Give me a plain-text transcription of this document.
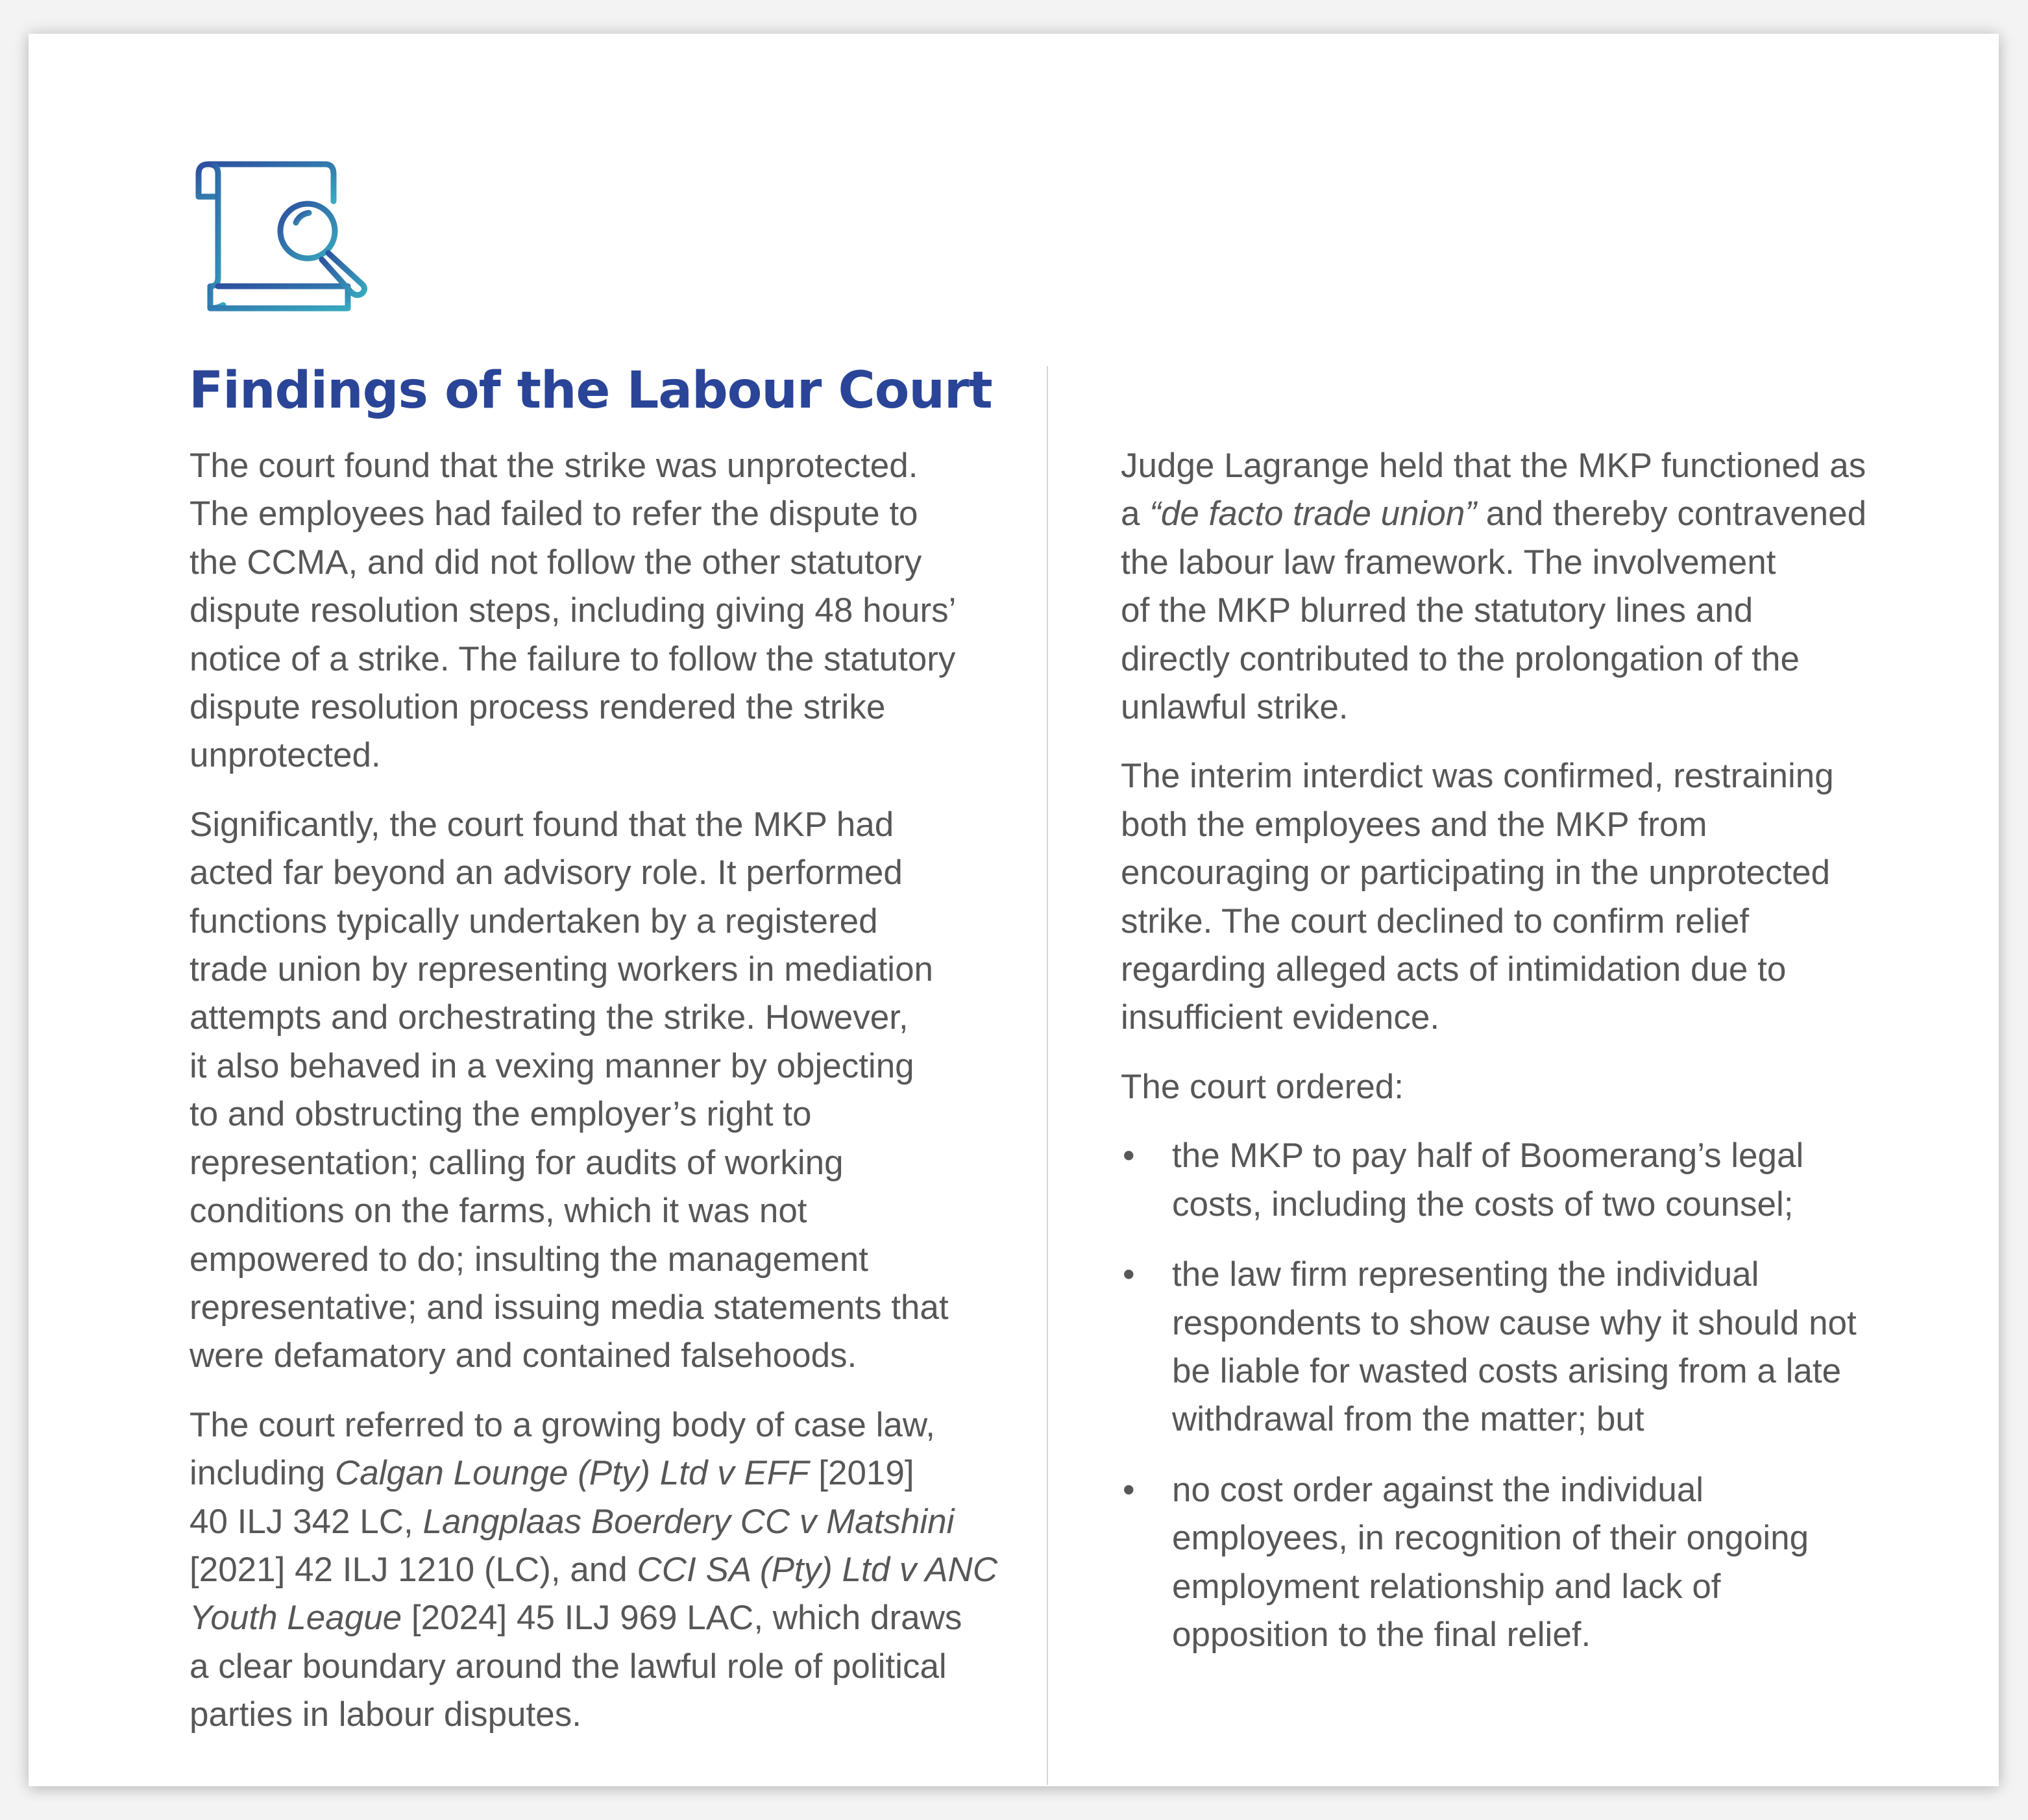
Findings of the Labour Court

The court found that the strike was unprotected.
The employees had failed to refer the dispute to
the CCMA, and did not follow the other statutory
dispute resolution steps, including giving 48 hours’
notice of a strike. The failure to follow the statutory
dispute resolution process rendered the strike
unprotected.

Significantly, the court found that the MKP had
acted far beyond an advisory role. It performed
functions typically undertaken by a registered
trade union by representing workers in mediation
attempts and orchestrating the strike. However,
it also behaved in a vexing manner by objecting
to and obstructing the employer’s right to
representation; calling for audits of working
conditions on the farms, which it was not
empowered to do; insulting the management
representative; and issuing media statements that
were defamatory and contained falsehoods.

The court referred to a growing body of case law,
including Calgan Lounge (Pty) Ltd v EFF [2019]
40 ILJ 342 LC, Langplaas Boerdery CC v Matshini
[2021] 42 ILJ 1210 (LC), and CCI SA (Pty) Ltd v ANC
Youth League [2024] 45 ILJ 969 LAC, which draws
a clear boundary around the lawful role of political
parties in labour disputes.

Judge Lagrange held that the MKP functioned as
a “de facto trade union” and thereby contravened
the labour law framework. The involvement
of the MKP blurred the statutory lines and
directly contributed to the prolongation of the
unlawful strike.

The interim interdict was confirmed, restraining
both the employees and the MKP from
encouraging or participating in the unprotected
strike. The court declined to confirm relief
regarding alleged acts of intimidation due to
insufficient evidence.

The court ordered:

• the MKP to pay half of Boomerang’s legal
costs, including the costs of two counsel;
• the law firm representing the individual
respondents to show cause why it should not
be liable for wasted costs arising from a late
withdrawal from the matter; but
• no cost order against the individual
employees, in recognition of their ongoing
employment relationship and lack of
opposition to the final relief.
